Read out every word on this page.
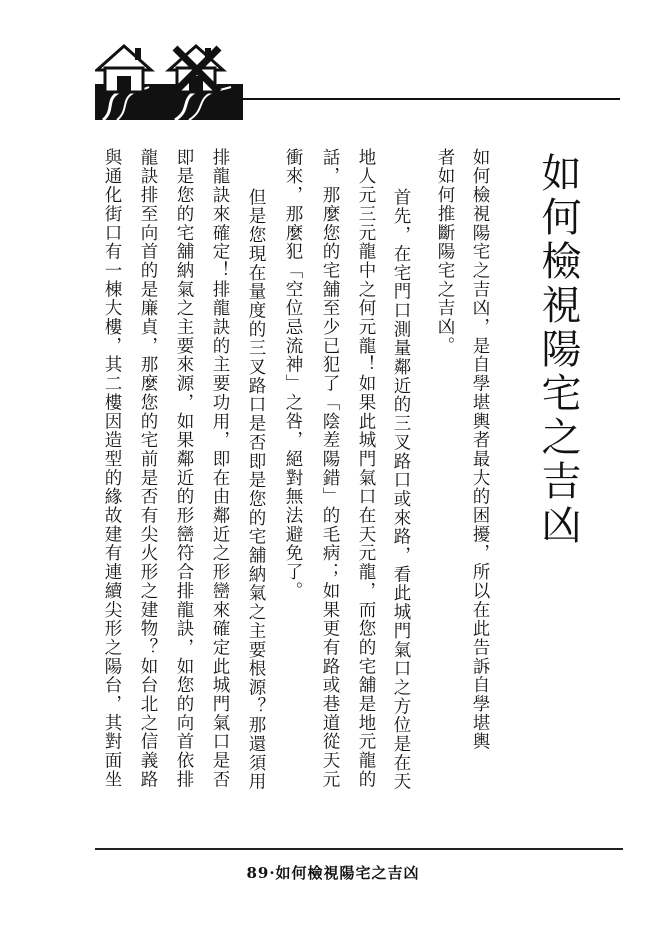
如何檢視陽宅之吉凶
如何檢視陽宅之吉凶，是自學堪輿者最大的困擾，所以在此告訴自學堪輿
者如何推斷陽宅之吉凶。
首先，在宅門口測量鄰近的三叉路口或來路，看此城門氣口之方位是在天
地人元三元龍中之何元龍！如果此城門氣口在天元龍，而您的宅舖是地元龍的
話，那麼您的宅舖至少已犯了「陰差陽錯」的毛病；如果更有路或巷道從天元
衝來，那麼犯「空位忌流神」之咎，絕對無法避免了。
但是您現在量度的三叉路口是否即是您的宅舖納氣之主要根源？那還須用
排龍訣來確定！排龍訣的主要功用，即在由鄰近之形巒來確定此城門氣口是否
即是您的宅舖納氣之主要來源，如果鄰近的形巒符合排龍訣，如您的向首依排
龍訣排至向首的是廉貞，那麼您的宅前是否有尖火形之建物？如台北之信義路
與通化街口有一棟大樓，其二樓因造型的緣故建有連續尖形之陽台，其對面坐
89·如何檢視陽宅之吉凶
